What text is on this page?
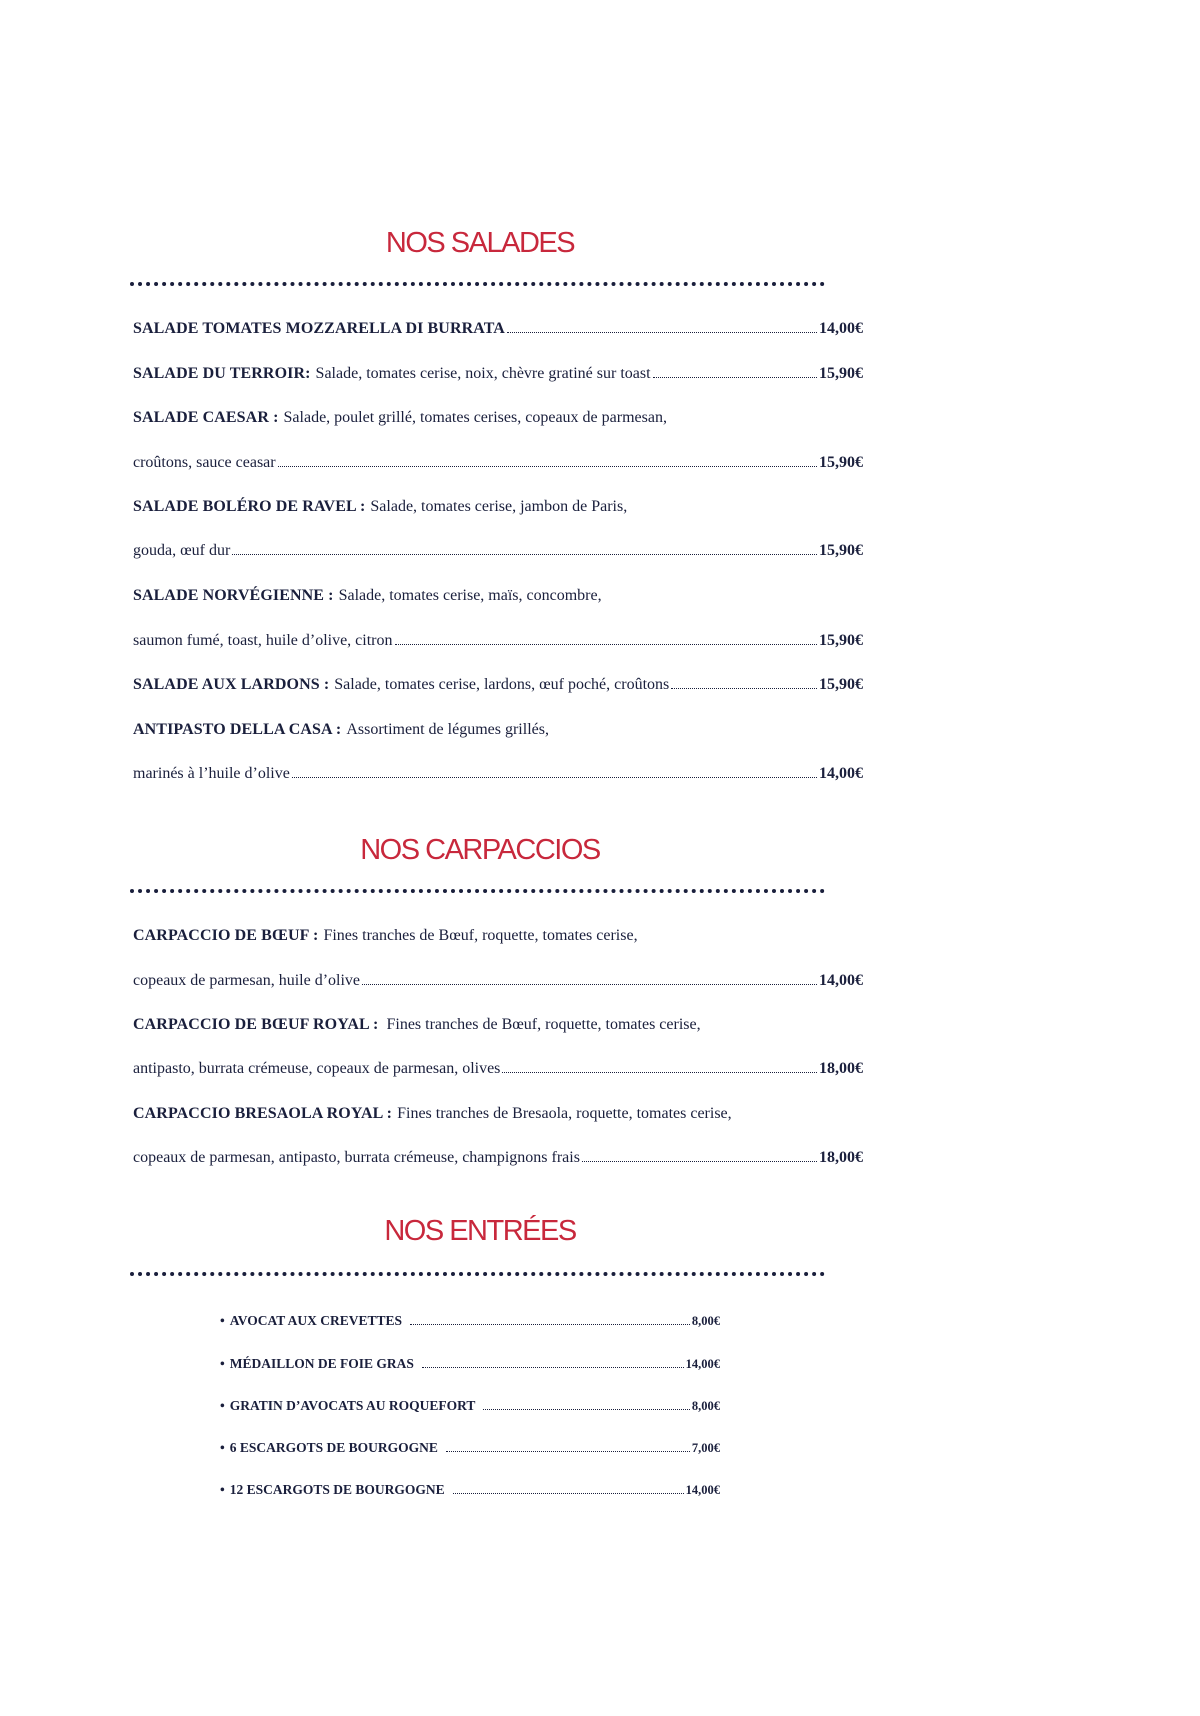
NOS SALADES
SALADE TOMATES MOZZARELLA DI BURRATA	14,00€
SALADE DU TERROIR: Salade, tomates cerise, noix, chèvre gratiné sur toast	15,90€
SALADE CAESAR : Salade, poulet grillé, tomates cerises, copeaux de parmesan,
croûtons, sauce ceasar	15,90€
SALADE BOLÉRO DE RAVEL : Salade, tomates cerise, jambon de Paris,
gouda, œuf dur	15,90€
SALADE NORVÉGIENNE : Salade, tomates cerise, maïs, concombre,
saumon fumé, toast, huile d’olive, citron	15,90€
SALADE AUX LARDONS : Salade, tomates cerise, lardons, œuf poché, croûtons	15,90€
ANTIPASTO DELLA CASA : Assortiment de légumes grillés,
marinés à l’huile d’olive	14,00€
NOS CARPACCIOS
CARPACCIO DE BŒUF : Fines tranches de Bœuf, roquette, tomates cerise,
copeaux de parmesan, huile d’olive	14,00€
CARPACCIO DE BŒUF ROYAL : Fines tranches de Bœuf, roquette, tomates cerise,
antipasto, burrata crémeuse, copeaux de parmesan, olives	18,00€
CARPACCIO BRESAOLA ROYAL : Fines tranches de Bresaola, roquette, tomates cerise,
copeaux de parmesan, antipasto, burrata crémeuse, champignons frais	18,00€
NOS ENTRÉES
• AVOCAT AUX CREVETTES	8,00€
• MÉDAILLON DE FOIE GRAS	14,00€
• GRATIN D’AVOCATS AU ROQUEFORT	8,00€
• 6 ESCARGOTS DE BOURGOGNE	7,00€
• 12 ESCARGOTS DE BOURGOGNE	14,00€
